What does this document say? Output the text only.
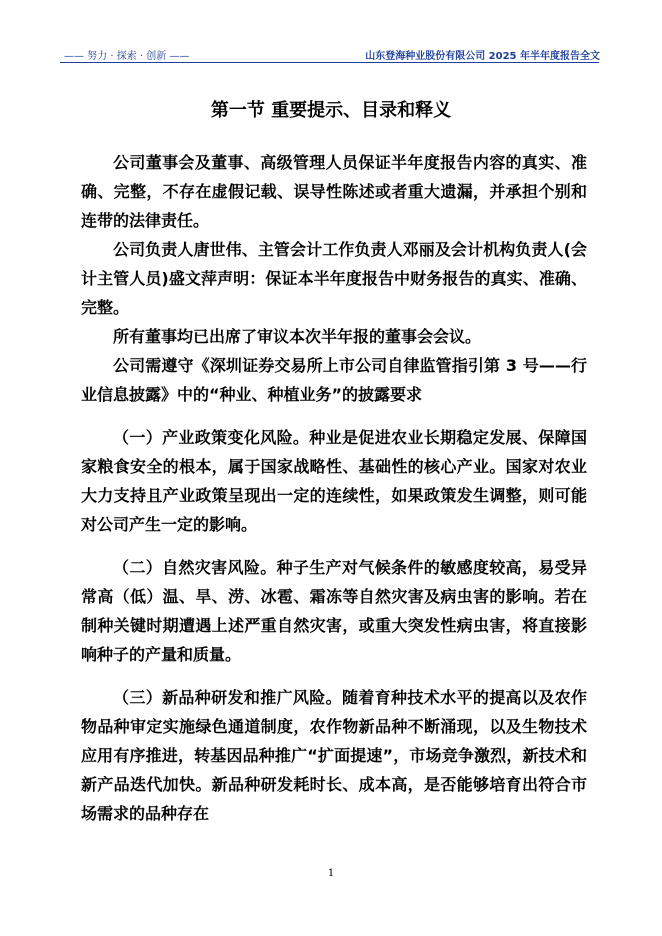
—— 努力 · 探索 · 创新 ——	山东登海种业股份有限公司 2025 年半年度报告全文
第一节 重要提示、目录和释义

公司董事会及董事、高级管理人员保证半年度报告内容的真实、准确、完整，不存在虚假记载、误导性陈述或者重大遗漏，并承担个别和连带的法律责任。

公司负责人唐世伟、主管会计工作负责人邓丽及会计机构负责人(会计主管人员)盛文萍声明：保证本半年度报告中财务报告的真实、准确、完整。

所有董事均已出席了审议本次半年报的董事会会议。

公司需遵守《深圳证券交易所上市公司自律监管指引第 3 号——行业信息披露》中的“种业、种植业务”的披露要求

（一）产业政策变化风险。种业是促进农业长期稳定发展、保障国家粮食安全的根本，属于国家战略性、基础性的核心产业。国家对农业大力支持且产业政策呈现出一定的连续性，如果政策发生调整，则可能对公司产生一定的影响。

（二）自然灾害风险。种子生产对气候条件的敏感度较高，易受异常高（低）温、旱、涝、冰雹、霜冻等自然灾害及病虫害的影响。若在制种关键时期遭遇上述严重自然灾害，或重大突发性病虫害，将直接影响种子的产量和质量。

（三）新品种研发和推广风险。随着育种技术水平的提高以及农作物品种审定实施绿色通道制度，农作物新品种不断涌现，以及生物技术应用有序推进，转基因品种推广“扩面提速”，市场竞争激烈，新技术和新产品迭代加快。新品种研发耗时长、成本高，是否能够培育出符合市场需求的品种存在

1
